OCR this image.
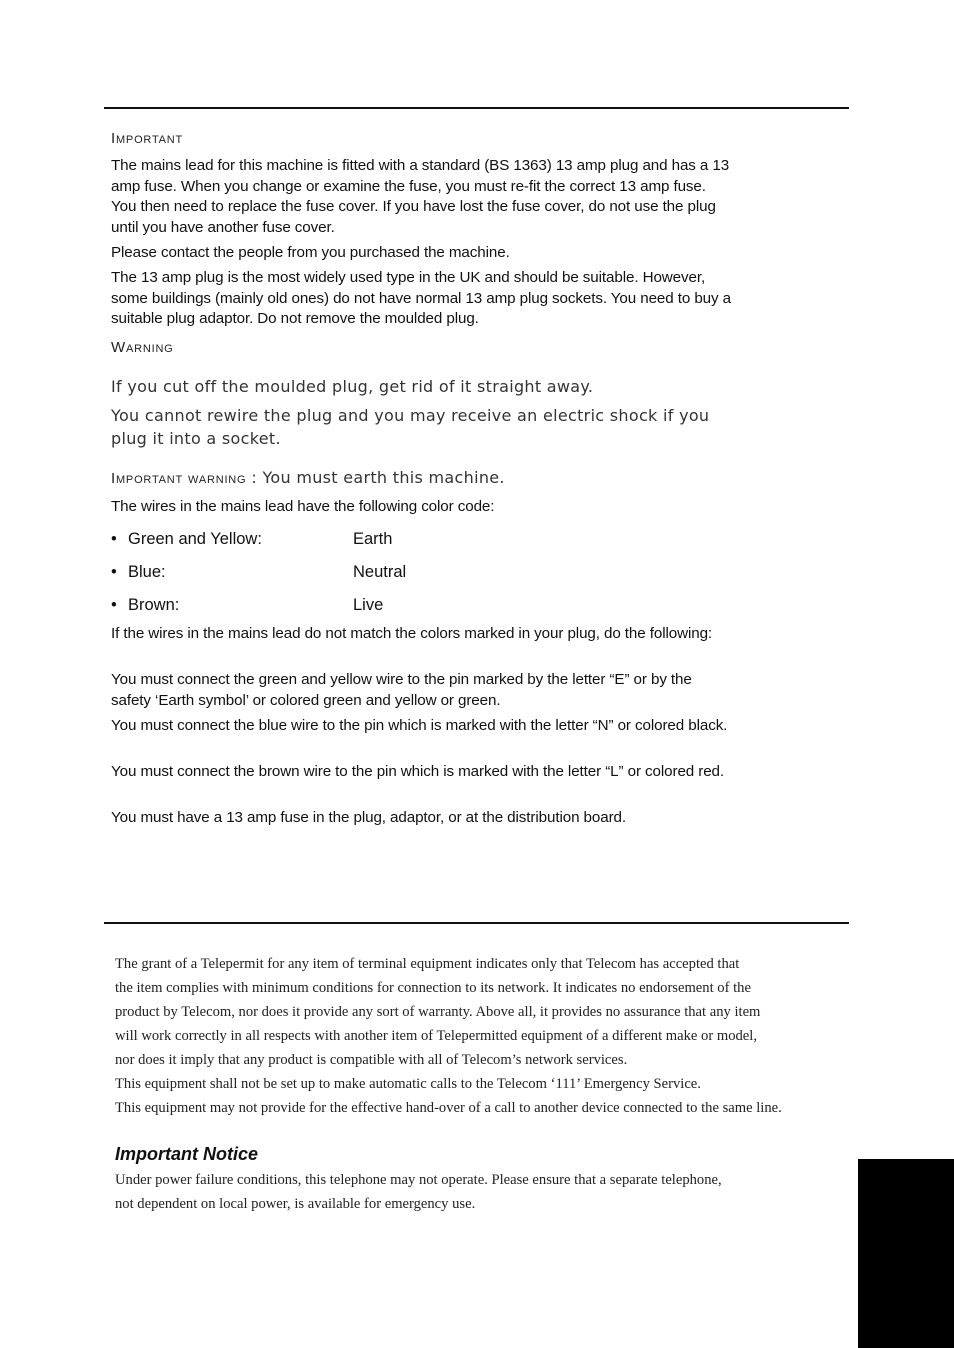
Important

The mains lead for this machine is fitted with a standard (BS 1363) 13 amp plug and has a 13 amp fuse. When you change or examine the fuse, you must re-fit the correct 13 amp fuse. You then need to replace the fuse cover. If you have lost the fuse cover, do not use the plug until you have another fuse cover.

Please contact the people from you purchased the machine.

The 13 amp plug is the most widely used type in the UK and should be suitable. However, some buildings (mainly old ones) do not have normal 13 amp plug sockets. You need to buy a suitable plug adaptor. Do not remove the moulded plug.

Warning

If you cut off the moulded plug, get rid of it straight away.

You cannot rewire the plug and you may receive an electric shock if you plug it into a socket.

Important warning : You must earth this machine.

The wires in the mains lead have the following color code:

• Green and Yellow:	Earth
• Blue:	Neutral
• Brown:	Live

If the wires in the mains lead do not match the colors marked in your plug, do the following:

You must connect the green and yellow wire to the pin marked by the letter “E” or by the safety ‘Earth symbol’ or colored green and yellow or green.

You must connect the blue wire to the pin which is marked with the letter “N” or colored black.

You must connect the brown wire to the pin which is marked with the letter “L” or colored red.

You must have a 13 amp fuse in the plug, adaptor, or at the distribution board.

The grant of a Telepermit for any item of terminal equipment indicates only that Telecom has accepted that

the item complies with minimum conditions for connection to its network. It indicates no endorsement of the

product by Telecom, nor does it provide any sort of warranty. Above all, it provides no assurance that any item

will work correctly in all respects with another item of Telepermitted equipment of a different make or model,

nor does it imply that any product is compatible with all of Telecom’s network services.

This equipment shall not be set up to make automatic calls to the Telecom ‘111’ Emergency Service.

This equipment may not provide for the effective hand-over of a call to another device connected to the same line.

Important Notice

Under power failure conditions, this telephone may not operate. Please ensure that a separate telephone,

not dependent on local power, is available for emergency use.
